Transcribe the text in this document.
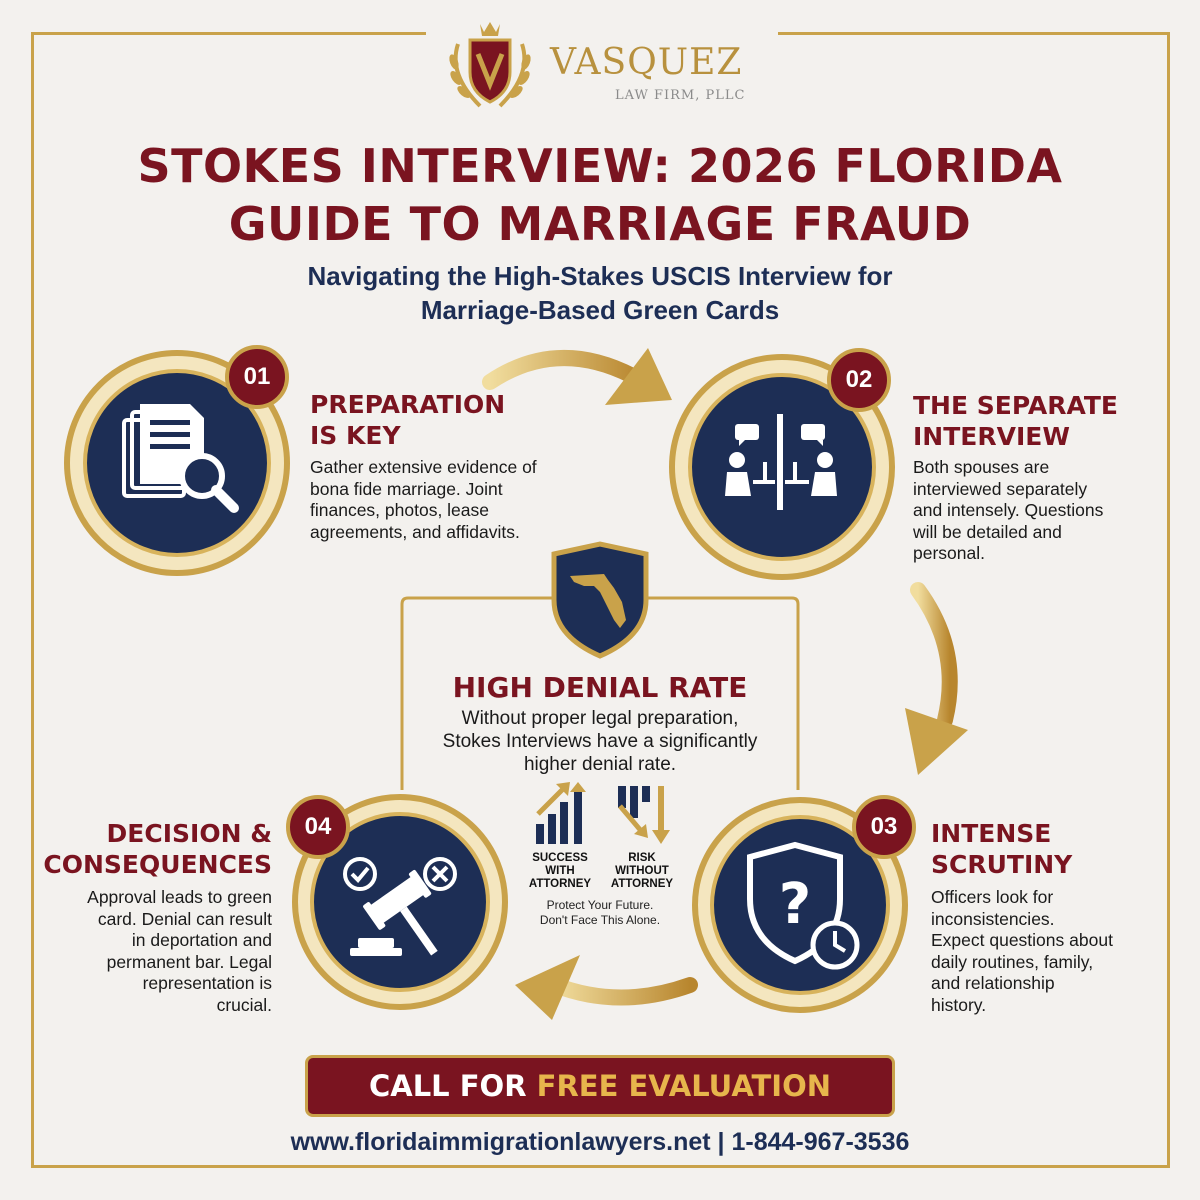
VASQUEZ
LAW FIRM, PLLC
STOKES INTERVIEW: 2026 FLORIDA
GUIDE TO MARRIAGE FRAUD
Navigating the High-Stakes USCIS Interview for
Marriage-Based Green Cards
01
PREPARATION
IS KEY
Gather extensive evidence of
bona fide marriage. Joint
finances, photos, lease
agreements, and affidavits.
02
THE SEPARATE
INTERVIEW
Both spouses are
interviewed separately
and intensely. Questions
will be detailed and
personal.
HIGH DENIAL RATE
Without proper legal preparation,
Stokes Interviews have a significantly
higher denial rate.
SUCCESS
WITH
ATTORNEY
RISK
WITHOUT
ATTORNEY
Protect Your Future.
Don't Face This Alone.
04
DECISION &
CONSEQUENCES
Approval leads to green
card. Denial can result
in deportation and
permanent bar. Legal
representation is
crucial.
?
03	INTENSE
SCRUTINY
Officers look for
inconsistencies.
Expect questions about
daily routines, family,
and relationship
history.
CALL FOR FREE EVALUATION
www.floridaimmigrationlawyers.net | 1-844-967-3536
